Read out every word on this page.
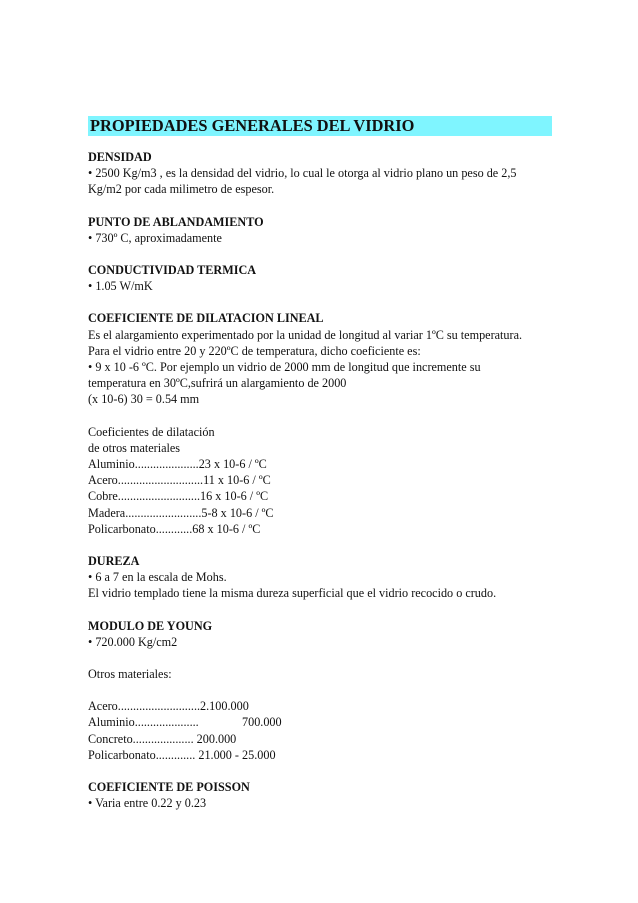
PROPIEDADES GENERALES DEL VIDRIO
DENSIDAD
• 2500 Kg/m3 , es la densidad del vidrio, lo cual le otorga al vidrio plano un peso de 2,5 Kg/m2 por cada milimetro de espesor.
PUNTO DE ABLANDAMIENTO
• 730º C, aproximadamente
CONDUCTIVIDAD TERMICA
• 1.05 W/mK
COEFICIENTE DE DILATACION LINEAL
Es el alargamiento experimentado por la unidad de longitud al variar 1ºC su temperatura.
Para el vidrio entre 20 y 220ºC de temperatura, dicho coeficiente es:
• 9 x 10 -6 ºC. Por ejemplo un vidrio de 2000 mm de longitud que incremente su
temperatura en 30ºC,sufrirá un alargamiento de 2000
(x 10-6) 30 = 0.54 mm
Coeficientes de dilatación
de otros materiales
Aluminio.....................23 x 10-6 / ºC
Acero............................11 x 10-6 / ºC
Cobre...........................16 x 10-6 / ºC
Madera.........................5-8 x 10-6 / ºC
Policarbonato............68 x 10-6 / ºC
DUREZA
• 6 a 7 en la escala de Mohs.
El vidrio templado tiene la misma dureza superficial que el vidrio recocido o crudo.
MODULO DE YOUNG
• 720.000 Kg/cm2
Otros materiales:
Acero...........................2.100.000
Aluminio.....................	700.000
Concreto.................... 200.000
Policarbonato............. 21.000 - 25.000
COEFICIENTE DE POISSON
• Varia entre 0.22 y 0.23
